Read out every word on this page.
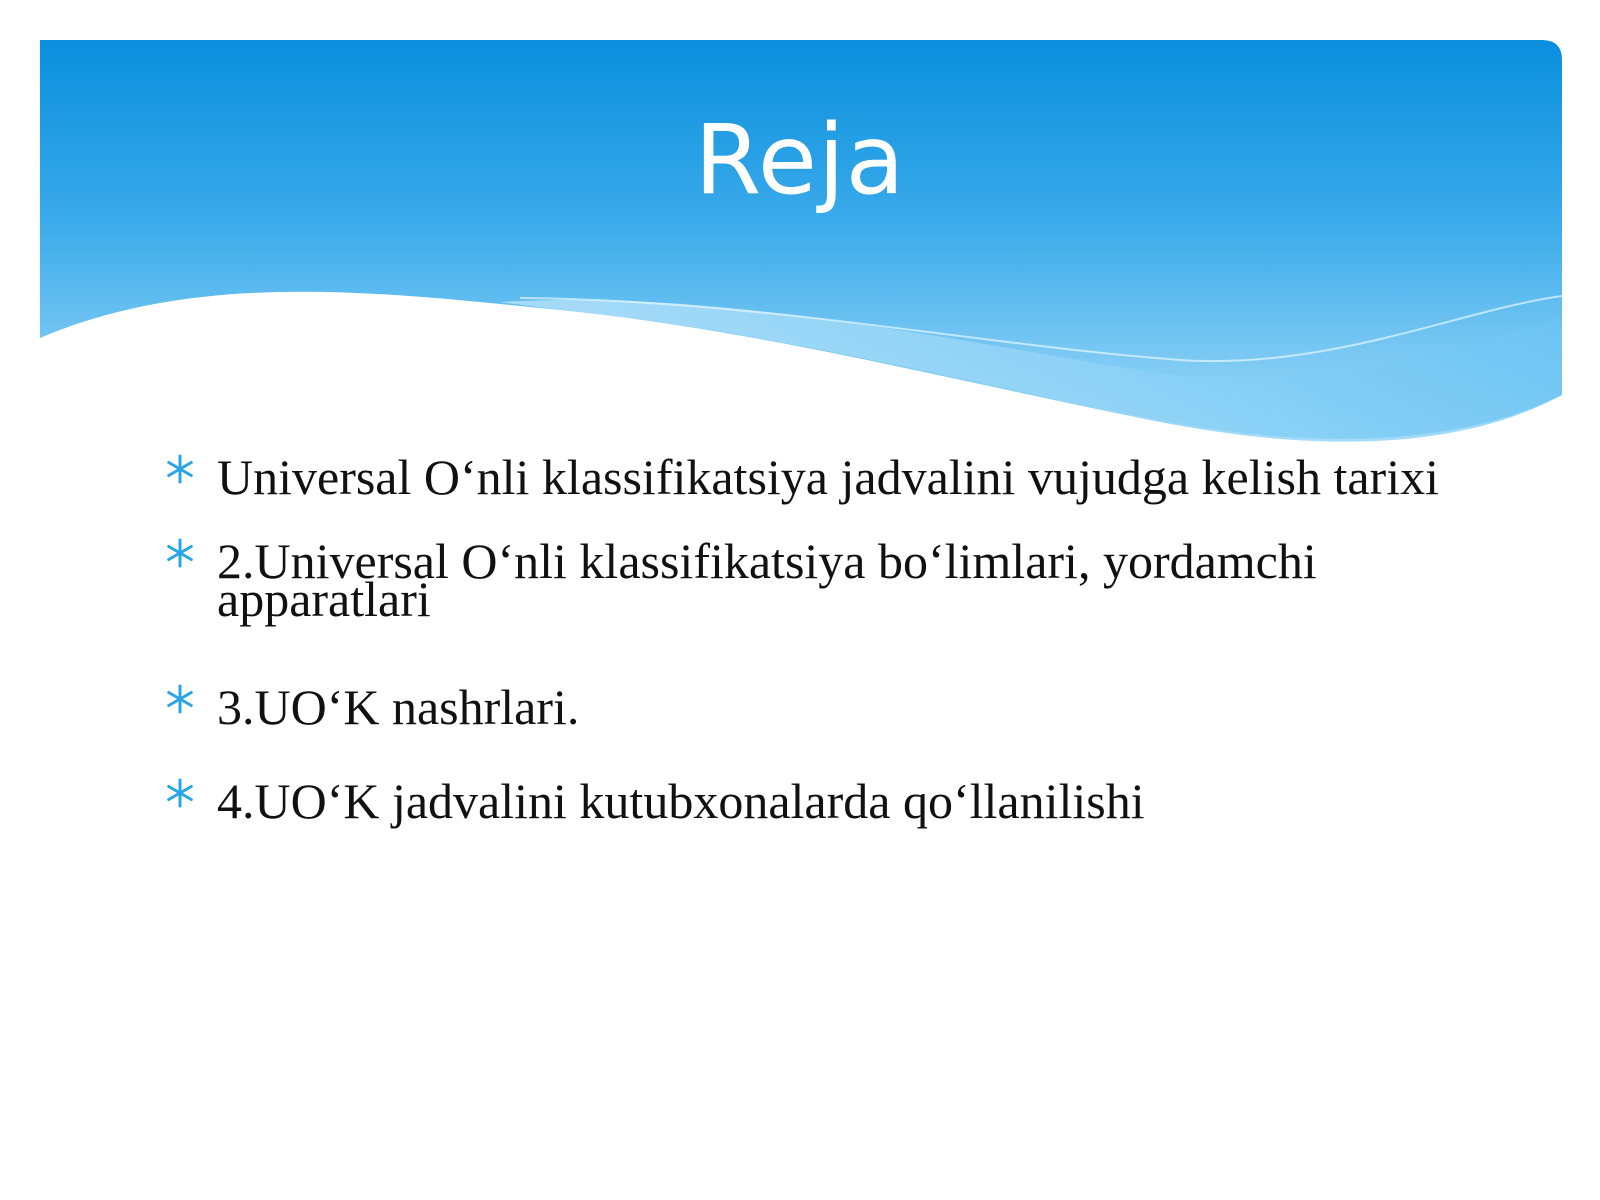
Reja
Universal O‘nli klassifikatsiya jadvalini vujudga kelish tarixi
2.Universal O‘nli klassifikatsiya bo‘limlari, yordamchi apparatlari
3.UO‘K nashrlari.
4.UO‘K jadvalini kutubxonalarda qo‘llanilishi
